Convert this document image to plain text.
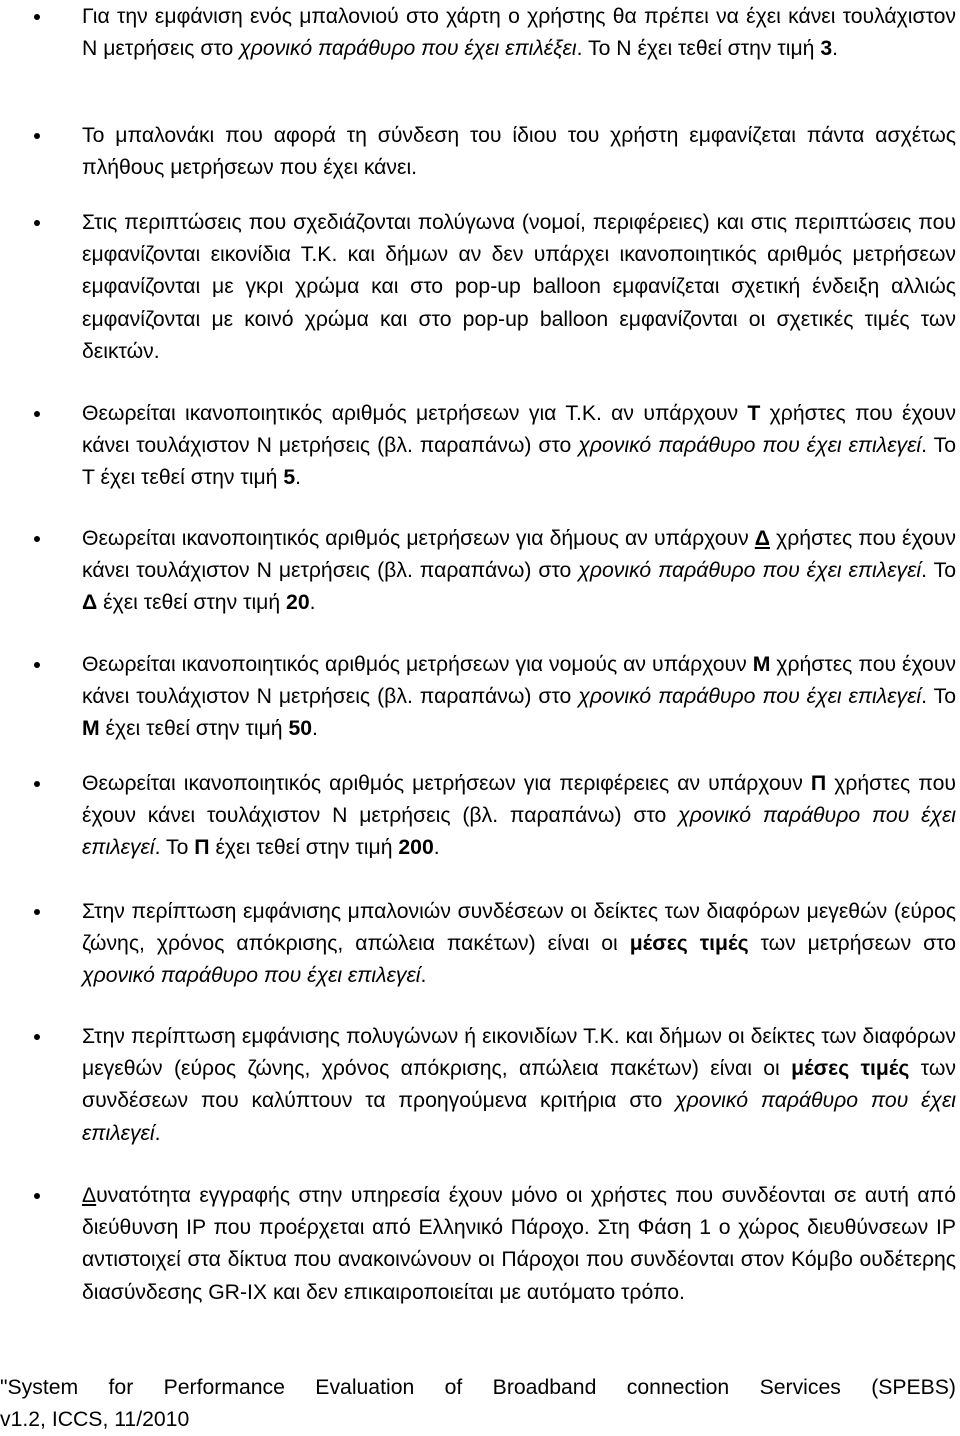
Για την εμφάνιση ενός μπαλονιού στο χάρτη ο χρήστης θα πρέπει να έχει κάνει τουλάχιστον Ν μετρήσεις στο χρονικό παράθυρο που έχει επιλέξει. Το Ν έχει τεθεί στην τιμή 3.
Το μπαλονάκι που αφορά τη σύνδεση του ίδιου του χρήστη εμφανίζεται πάντα ασχέτως πλήθους μετρήσεων που έχει κάνει.
Στις περιπτώσεις που σχεδιάζονται πολύγωνα (νομοί, περιφέρειες) και στις περιπτώσεις που εμφανίζονται εικονίδια Τ.Κ. και δήμων αν δεν υπάρχει ικανοποιητικός αριθμός μετρήσεων εμφανίζονται με γκρι χρώμα και στο pop-up balloon εμφανίζεται σχετική ένδειξη αλλιώς εμφανίζονται με κοινό χρώμα και στο pop-up balloon εμφανίζονται οι σχετικές τιμές των δεικτών.
Θεωρείται ικανοποιητικός αριθμός μετρήσεων για Τ.Κ. αν υπάρχουν Τ χρήστες που έχουν κάνει τουλάχιστον Ν μετρήσεις (βλ. παραπάνω) στο χρονικό παράθυρο που έχει επιλεγεί. Το Τ έχει τεθεί στην τιμή 5.
Θεωρείται ικανοποιητικός αριθμός μετρήσεων για δήμους αν υπάρχουν Δ χρήστες που έχουν κάνει τουλάχιστον Ν μετρήσεις (βλ. παραπάνω) στο χρονικό παράθυρο που έχει επιλεγεί. Το Δ έχει τεθεί στην τιμή 20.
Θεωρείται ικανοποιητικός αριθμός μετρήσεων για νομούς αν υπάρχουν Μ χρήστες που έχουν κάνει τουλάχιστον Ν μετρήσεις (βλ. παραπάνω) στο χρονικό παράθυρο που έχει επιλεγεί. Το Μ έχει τεθεί στην τιμή 50.
Θεωρείται ικανοποιητικός αριθμός μετρήσεων για περιφέρειες αν υπάρχουν Π χρήστες που έχουν κάνει τουλάχιστον Ν μετρήσεις (βλ. παραπάνω) στο χρονικό παράθυρο που έχει επιλεγεί. Το Π έχει τεθεί στην τιμή 200.
Στην περίπτωση εμφάνισης μπαλονιών συνδέσεων οι δείκτες των διαφόρων μεγεθών (εύρος ζώνης, χρόνος απόκρισης, απώλεια πακέτων) είναι οι μέσες τιμές των μετρήσεων στο χρονικό παράθυρο που έχει επιλεγεί.
Στην περίπτωση εμφάνισης πολυγώνων ή εικονιδίων Τ.Κ. και δήμων οι δείκτες των διαφόρων μεγεθών (εύρος ζώνης, χρόνος απόκρισης, απώλεια πακέτων) είναι οι μέσες τιμές των συνδέσεων που καλύπτουν τα προηγούμενα κριτήρια στο χρονικό παράθυρο που έχει επιλεγεί.
Δυνατότητα εγγραφής στην υπηρεσία έχουν μόνο οι χρήστες που συνδέονται σε αυτή από διεύθυνση IP που προέρχεται από Ελληνικό Πάροχο. Στη Φάση 1 ο χώρος διευθύνσεων IP αντιστοιχεί στα δίκτυα που ανακοινώνουν οι Πάροχοι που συνδέονται στον Κόμβο ουδέτερης διασύνδεσης GR-IX και δεν επικαιροποιείται με αυτόματο τρόπο.
"System for Performance Evaluation of Broadband connection Services (SPEBS)
v1.2, ICCS, 11/2010
